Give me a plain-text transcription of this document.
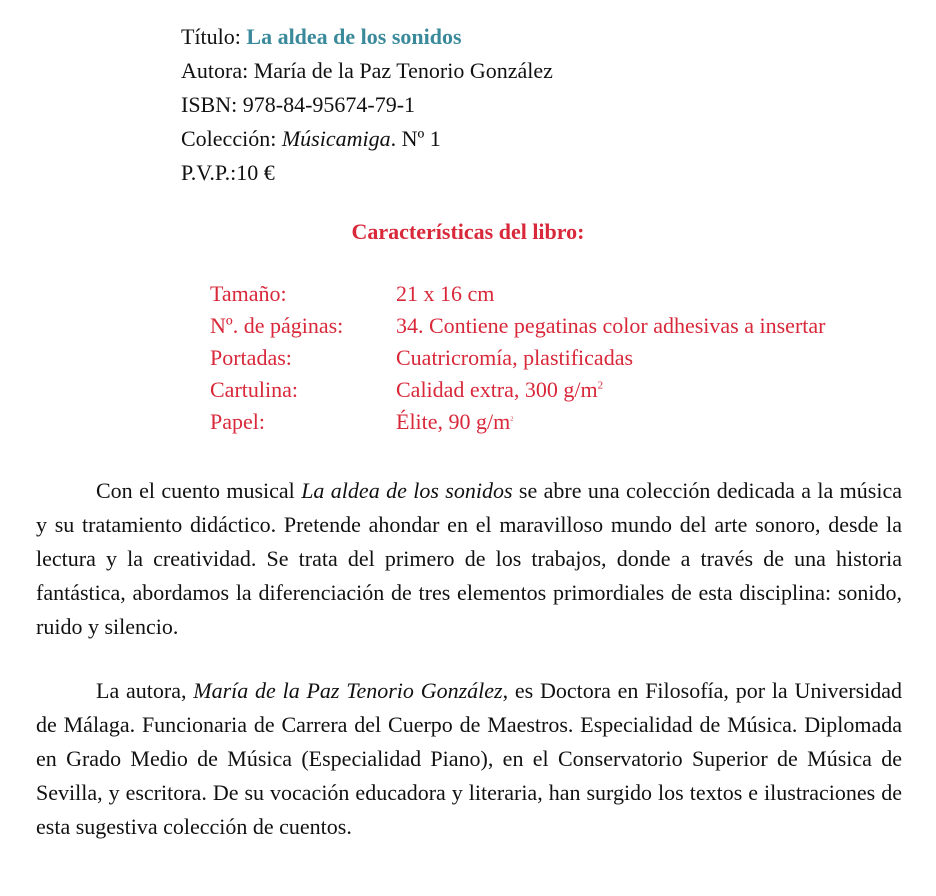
Título: La aldea de los sonidos
Autora: María de la Paz Tenorio González
ISBN: 978-84-95674-79-1
Colección: Músicamiga. Nº 1
P.V.P.:10 €
Características del libro:
Tamaño:	21 x 16 cm
Nº. de páginas:	34. Contiene pegatinas color adhesivas a insertar
Portadas:	Cuatricromía, plastificadas
Cartulina:	Calidad extra, 300 $g/m^2$
Papel:	Élite, 90 $g/m^2$

Con el cuento musical La aldea de los sonidos se abre una colección dedicada a la música y su tratamiento didáctico. Pretende ahondar en el maravilloso mundo del arte sonoro, desde la lectura y la creatividad. Se trata del primero de los trabajos, donde a través de una historia fantástica, abordamos la diferenciación de tres elementos primordiales de esta disciplina: sonido, ruido y silencio.

La autora, María de la Paz Tenorio González, es Doctora en Filosofía, por la Universidad de Málaga. Funcionaria de Carrera del Cuerpo de Maestros. Especialidad de Música. Diplomada en Grado Medio de Música (Especialidad Piano), en el Conservatorio Superior de Música de Sevilla, y escritora. De su vocación educadora y literaria, han surgido los textos e ilustraciones de esta sugestiva colección de cuentos.
